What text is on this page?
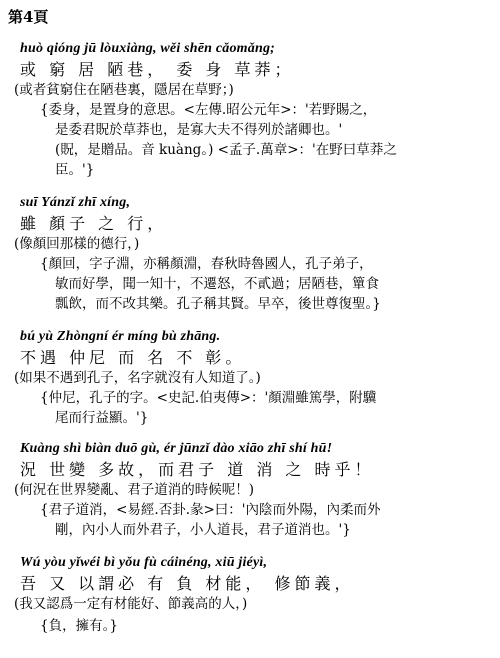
第4頁
huò qióng jū lòuxiàng, wěi shēn cǎomǎng;
或 窮 居 陋巷， 委 身 草莽；
(或者貧窮住在陋巷裏，隱居在草野；)
{委身，是置身的意思。<左傳.昭公元年>：'若野賜之，
是委君貺於草莽也，是寡大夫不得列於諸卿也。'
(貺，是贈品。音 kuàng。) <孟子.萬章>：'在野曰草莽之
臣。'}
suī Yánzǐ zhī xíng,
雖 顏子 之 行，
(像顏回那樣的德行，)
{顏回，字子淵，亦稱顏淵，春秋時魯國人，孔子弟子，
敏而好學，聞一知十，不遷怒，不貳過；居陋巷，簞食
瓢飲，而不改其樂。孔子稱其賢。早卒，後世尊復聖。}
bú yù Zhòngní ér míng bù zhāng.
不遇 仲尼 而 名 不 彰。
(如果不遇到孔子，名字就沒有人知道了。)
{仲尼，孔子的字。<史記.伯夷傳>：'顏淵雖篤學，附驥
尾而行益顯。'}
Kuàng shì biàn duō gù, ér jūnzǐ dào xiāo zhī shí hū!
況 世變 多故，而君子 道 消 之 時乎！
(何況在世界變亂、君子道消的時候呢！)
{君子道消，<易經.否卦.彖>曰：'內陰而外陽，內柔而外
剛，內小人而外君子，小人道長，君子道消也。'}
Wú yòu yǐwéi bì yǒu fù cáinéng, xiū jiéyì,
吾 又 以謂必 有 負 材能， 修節義，
(我又認爲一定有材能好、節義高的人，)
{負，擁有。}
